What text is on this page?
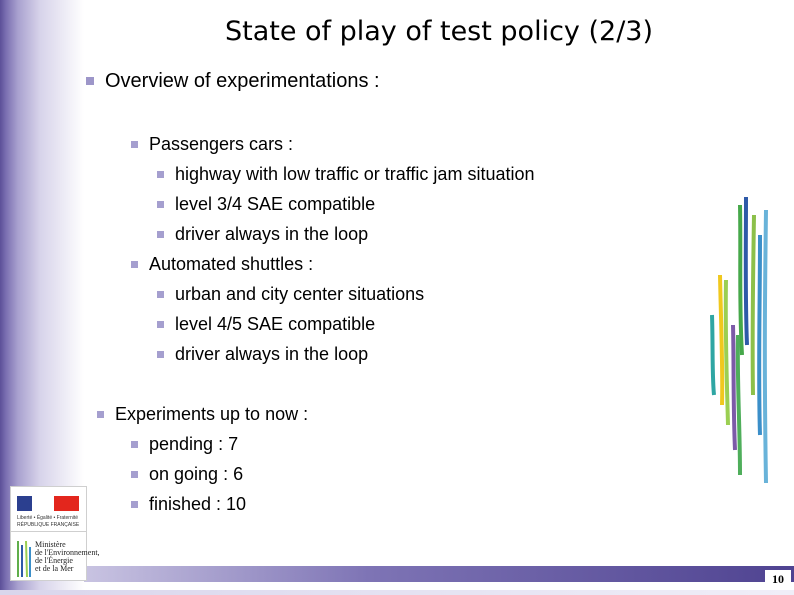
State of play of test policy (2/3)
Overview of experimentations :
Passengers cars :
highway with low traffic or traffic jam situation
level 3/4 SAE compatible
driver always in the loop
Automated shuttles :
urban and city center situations
level 4/5 SAE compatible
driver always in the loop
Experiments up to now :
pending : 7
on going : 6
finished : 10
Liberté • Égalité • Fraternité
RÉPUBLIQUE FRANÇAISE
Ministère
de l'Environnement,
de l'Énergie
et de la Mer
10
